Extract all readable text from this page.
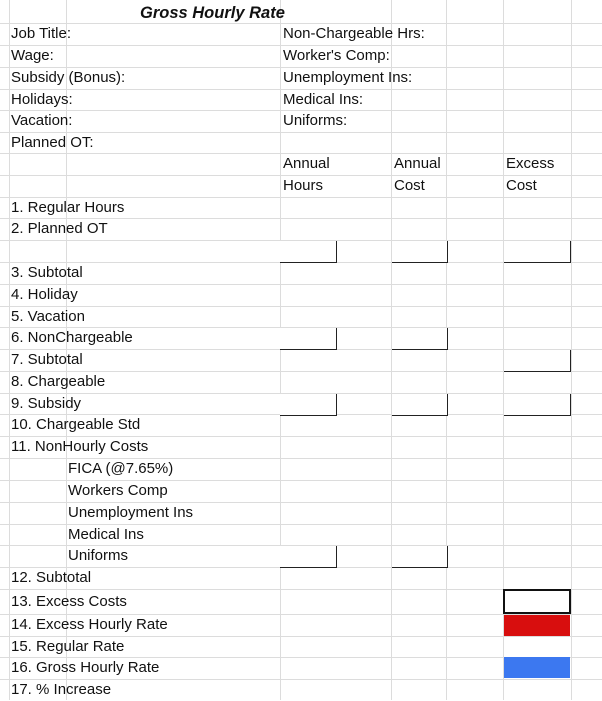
Gross Hourly Rate
Job Title:
Wage:
Subsidy (Bonus):
Holidays:
Vacation:
Planned OT:
Non-Chargeable Hrs:
Worker's Comp:
Unemployment Ins:
Medical Ins:
Uniforms:
Annual
Hours
Annual
Cost
Excess
Cost
1. Regular Hours
2. Planned OT
3. Subtotal
4. Holiday
5. Vacation
6. NonChargeable
7. Subtotal
8. Chargeable
9. Subsidy
10. Chargeable Std
11. NonHourly Costs
FICA (@7.65%)
Workers Comp
Unemployment Ins
Medical Ins
Uniforms
12. Subtotal
13. Excess Costs
14. Excess Hourly Rate
15. Regular Rate
16. Gross Hourly Rate
17. % Increase
